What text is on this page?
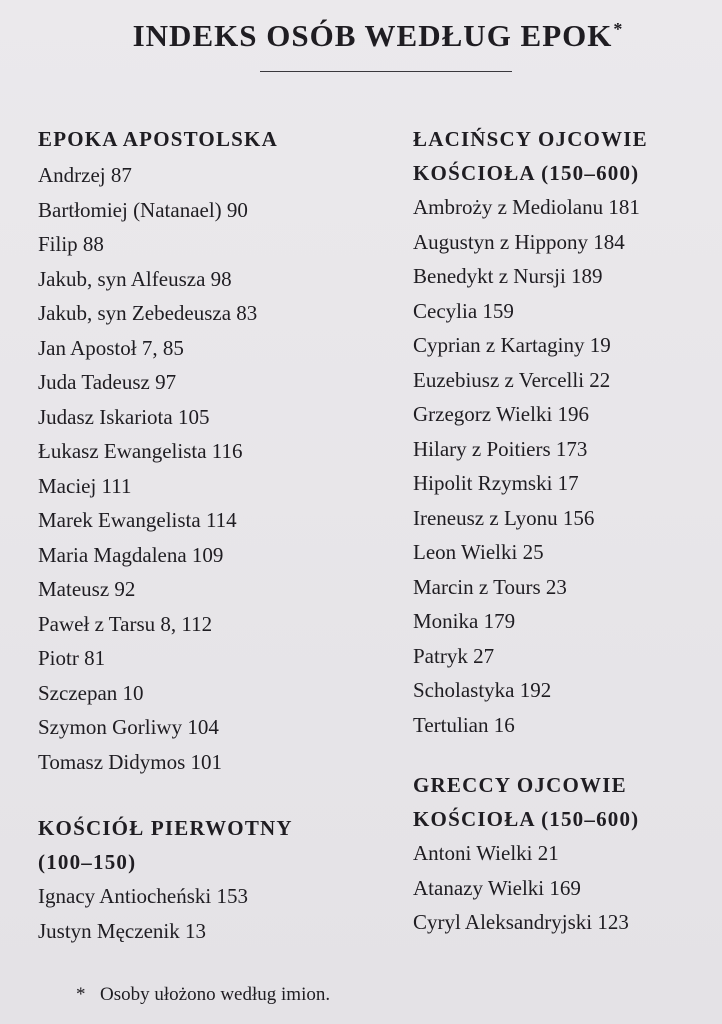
INDEKS OSÓB WEDŁUG EPOK*
EPOKA APOSTOLSKA
Andrzej 87
Bartłomiej (Natanael) 90
Filip 88
Jakub, syn Alfeusza 98
Jakub, syn Zebedeusza 83
Jan Apostoł 7, 85
Juda Tadeusz 97
Judasz Iskariota 105
Łukasz Ewangelista 116
Maciej 111
Marek Ewangelista 114
Maria Magdalena 109
Mateusz 92
Paweł z Tarsu 8, 112
Piotr 81
Szczepan 10
Szymon Gorliwy 104
Tomasz Didymos 101
KOŚCIÓŁ PIERWOTNY
(100–150)
Ignacy Antiocheński 153
Justyn Męczenik 13
ŁACIŃSCY OJCOWIE
KOŚCIOŁA (150–600)
Ambroży z Mediolanu 181
Augustyn z Hippony 184
Benedykt z Nursji 189
Cecylia 159
Cyprian z Kartaginy 19
Euzebiusz z Vercelli 22
Grzegorz Wielki 196
Hilary z Poitiers 173
Hipolit Rzymski 17
Ireneusz z Lyonu 156
Leon Wielki 25
Marcin z Tours 23
Monika 179
Patryk 27
Scholastyka 192
Tertulian 16
GRECCY OJCOWIE
KOŚCIOŁA (150–600)
Antoni Wielki 21
Atanazy Wielki 169
Cyryl Aleksandryjski 123
* Osoby ułożono według imion.
